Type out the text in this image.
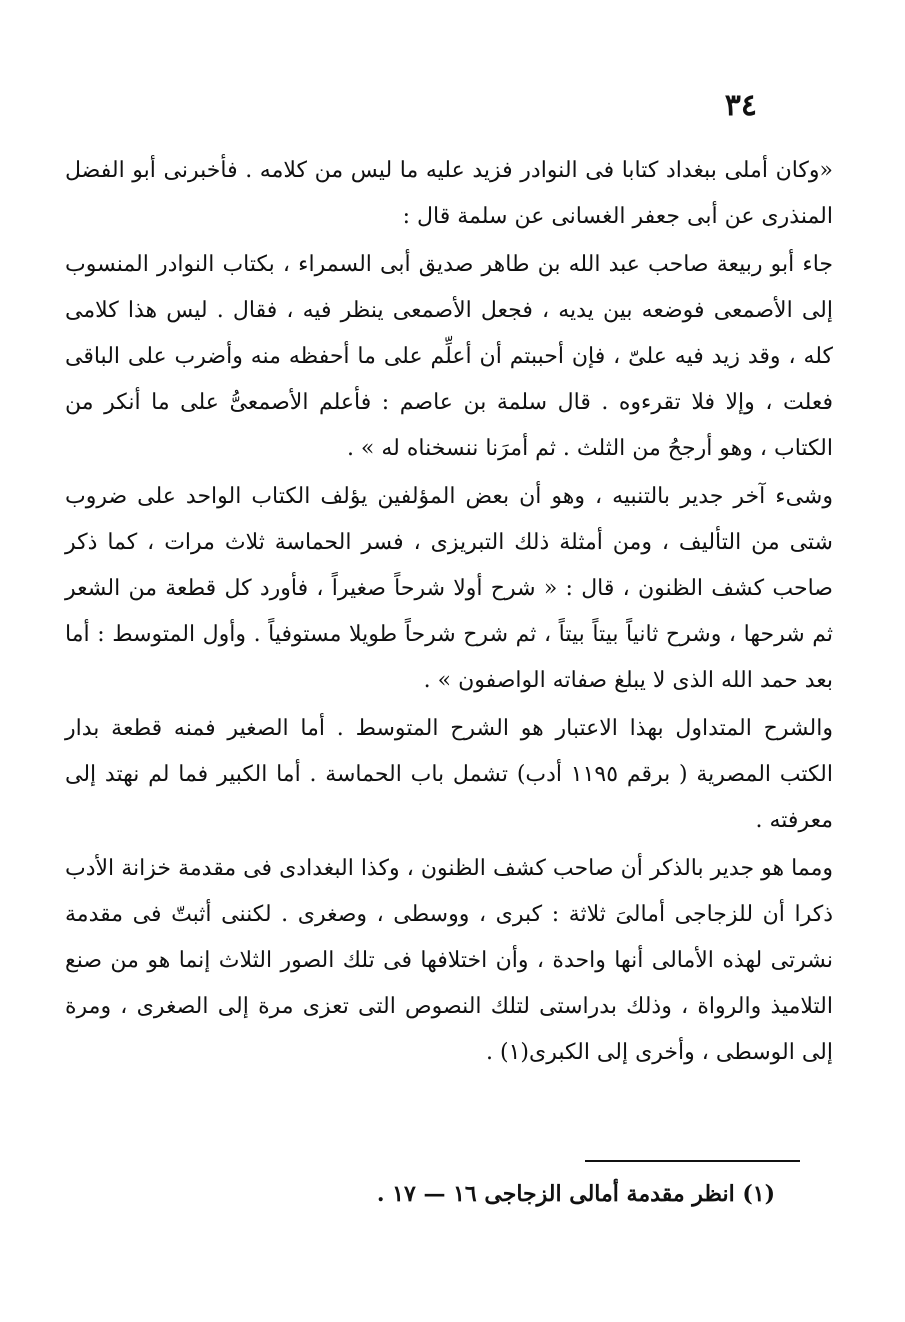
٣٤

«وكان أملى ببغداد كتابا فى النوادر فزيد عليه ما ليس من كلامه . فأخبرنى أبو الفضل المنذرى عن أبى جعفر الغسانى عن سلمة قال :

جاء أبو ربيعة صاحب عبد الله بن طاهر صديق أبى السمراء ، بكتاب النوادر المنسوب إلى الأصمعى فوضعه بين يديه ، فجعل الأصمعى ينظر فيه ، فقال . ليس هذا كلامى كله ، وقد زيد فيه علىّ ، فإن أحببتم أن أعلِّم على ما أحفظه منه وأضرب على الباقى فعلت ، وإلا فلا تقرءوه . قال سلمة بن عاصم : فأعلم الأصمعىُّ على ما أنكر من الكتاب ، وهو أرجحُ من الثلث . ثم أمرَنا ننسخناه له » .

وشىء آخر جدير بالتنبيه ، وهو أن بعض المؤلفين يؤلف الكتاب الواحد على ضروب شتى من التأليف ، ومن أمثلة ذلك التبريزى ، فسر الحماسة ثلاث مرات ، كما ذكر صاحب كشف الظنون ، قال : « شرح أولا شرحاً صغيراً ، فأورد كل قطعة من الشعر ثم شرحها ، وشرح ثانياً بيتاً بيتاً ، ثم شرح شرحاً طويلا مستوفياً . وأول المتوسط : أما بعد حمد الله الذى لا يبلغ صفاته الواصفون » .

والشرح المتداول بهذا الاعتبار هو الشرح المتوسط . أما الصغير فمنه قطعة بدار الكتب المصرية ( برقم ١١٩٥ أدب) تشمل باب الحماسة . أما الكبير فما لم نهتد إلى معرفته .

ومما هو جدير بالذكر أن صاحب كشف الظنون ، وكذا البغدادى فى مقدمة خزانة الأدب ذكرا أن للزجاجى أمالىَ ثلاثة : كبرى ، ووسطى ، وصغرى . لكننى أثبتّ فى مقدمة نشرتى لهذه الأمالى أنها واحدة ، وأن اختلافها فى تلك الصور الثلاث إنما هو من صنع التلاميذ والرواة ، وذلك بدراستى لتلك النصوص التى تعزى مرة إلى الصغرى ، ومرة إلى الوسطى ، وأخرى إلى الكبرى(١) .

(١) انظر مقدمة أمالى الزجاجى ١٦ — ١٧ .
